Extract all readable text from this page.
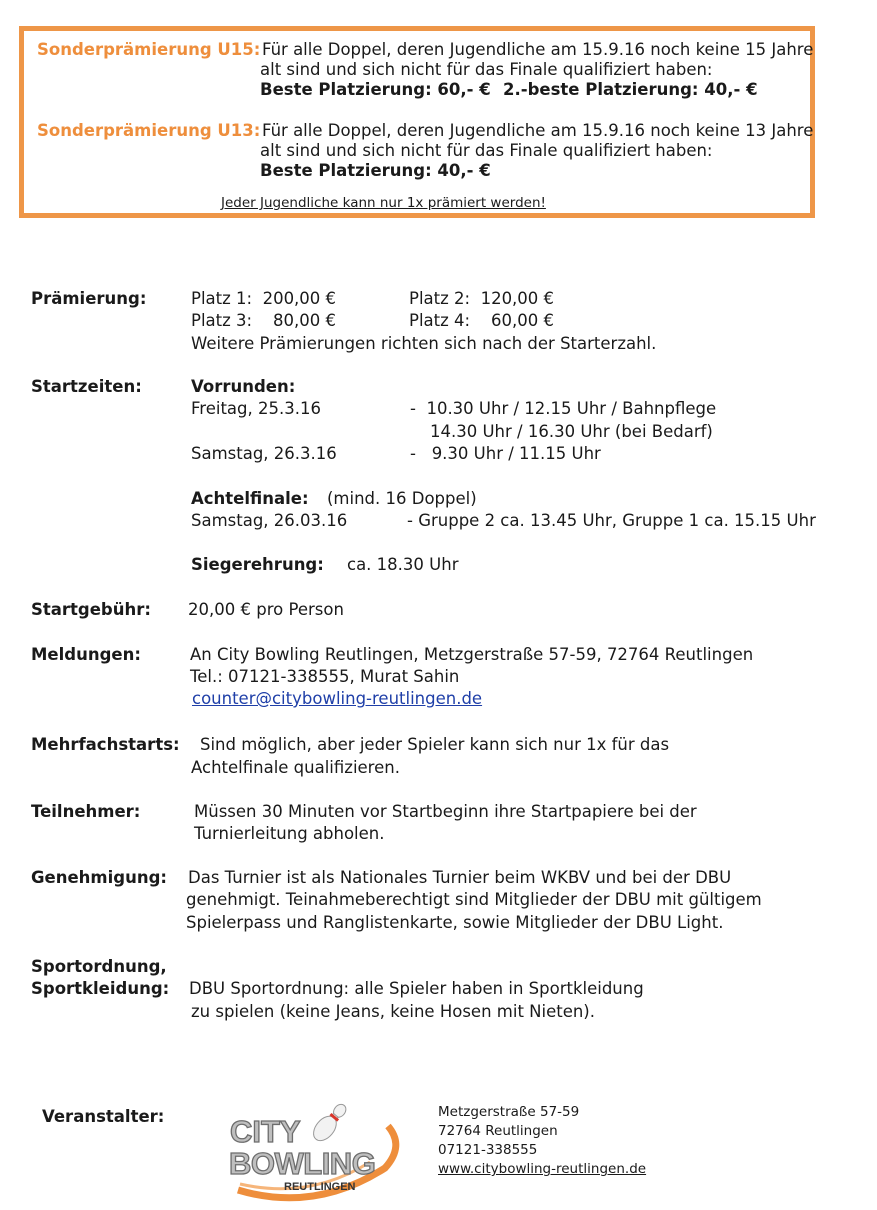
Sonderprämierung U15: Für alle Doppel, deren Jugendliche am 15.9.16 noch keine 15 Jahre
alt sind und sich nicht für das Finale qualifiziert haben:
Beste Platzierung: 60,- € 2.-beste Platzierung: 40,- €
Sonderprämierung U13: Für alle Doppel, deren Jugendliche am 15.9.16 noch keine 13 Jahre
alt sind und sich nicht für das Finale qualifiziert haben:
Beste Platzierung: 40,- €
Jeder Jugendliche kann nur 1x prämiert werden!
Prämierung:	Platz 1:  200,00 €	Platz 2:  120,00 €
Platz 3:    80,00 €	Platz 4:    60,00 €
Weitere Prämierungen richten sich nach der Starterzahl.
Startzeiten:	Vorrunden:
Freitag, 25.3.16	-  10.30 Uhr / 12.15 Uhr / Bahnpflege
14.30 Uhr / 16.30 Uhr (bei Bedarf)
Samstag, 26.3.16	-   9.30 Uhr / 11.15 Uhr
Achtelfinale: (mind. 16 Doppel)
Samstag, 26.03.16	- Gruppe 2 ca. 13.45 Uhr, Gruppe 1 ca. 15.15 Uhr
Siegerehrung: ca. 18.30 Uhr
Startgebühr: 20,00 € pro Person
Meldungen:	An City Bowling Reutlingen, Metzgerstraße 57-59, 72764 Reutlingen
Tel.: 07121-338555, Murat Sahin
counter@citybowling-reutlingen.de
Mehrfachstarts: Sind möglich, aber jeder Spieler kann sich nur 1x für das
Achtelfinale qualifizieren.
Teilnehmer:	Müssen 30 Minuten vor Startbeginn ihre Startpapiere bei der
Turnierleitung abholen.
Genehmigung: Das Turnier ist als Nationales Turnier beim WKBV und bei der DBU
genehmigt. Teinahmeberechtigt sind Mitglieder der DBU mit gültigem
Spielerpass und Ranglistenkarte, sowie Mitglieder der DBU Light.
Sportordnung,
Sportkleidung: DBU Sportordnung: alle Spieler haben in Sportkleidung
zu spielen (keine Jeans, keine Hosen mit Nieten).
Veranstalter: CITY
BOWLING
REUTLINGEN
Metzgerstraße 57-59
72764 Reutlingen
07121-338555
www.citybowling-reutlingen.de
